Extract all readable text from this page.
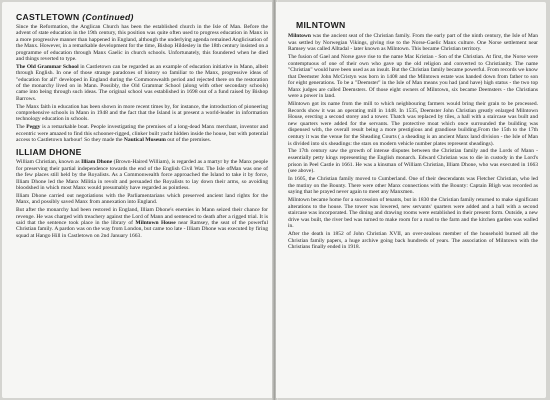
CASTLETOWN (Continued)

Since the Reformation, the Anglican Church has been the established church in the Isle of Man. Before the advent of state education in the 19th century, this position was quite often used to progress education in Manx in a more progressive manner than happened in England, although the underlying agenda remained Anglicisation of the Manx. However, in a remarkable development for the time, Bishop Hildesley in the 18th century insisted on a programme of education through Manx Gaelic in church schools. Unfortunately, this foundered when he died and things reverted to type.

The Old Grammar School in Castletown can be regarded as an example of education initiative in Mann, albeit through English. In one of those strange paradoxes of history so familiar to the Manx, progressive ideas of "education for all" developed in England during the Commonwealth period and rejected there on the restoration of the monarchy lived on in Mann. Possibly, the Old Grammar School (along with other secondary schools) came into being through such ideas. The original school was established in 1698 out of a fund raised by Bishop Barrows.

The Manx faith in education has been shown in more recent times by, for instance, the introduction of pioneering comprehensive schools in Mann in 1948 and the fact that the Island is at present a world-leader in information technology education in schools.

The Peggy is a remarkable boat. People investigating the premises of a long-dead Manx merchant, inventor and eccentric were amazed to find this schooner-rigged, clinker built yacht hidden inside the house, but with potential access to Castletown harbour! So they made the Nautical Museum out of the premises.

ILLIAM DHONE

William Christian, known as Illiam Dhone (Brown-Haired William), is regarded as a martyr by the Manx people for preserving their partial independence towards the end of the English Civil War. The Isle ofMan was one of the few places still held by the Royalists. As a Commonwealth force approached the Island to take it by force, Illiam Dhone led the Manx Militia in revolt and persuaded the Royalists to lay down their arms, so avoiding bloodshed in which most Manx would presumably have regarded as pointless.

Illiam Dhone carried out negotiations with the Parliamentarians which preserved ancient land rights for the Manx, and possibly saved Manx from annexation into England.

But after the monarchy had been restored in England, Illiam Dhone's enemies in Mann seized their chance for revenge. He was charged with treachery against the Lord of Mann and sentenced to death after a rigged trial. It is said that the sentence took place in the library of Milntown House near Ramsey, the seat of the powerful Christian family. A pardon was on the way from London, but came too late - Illiam Dhone was executed by firing squad at Hango Hill in Castletown on 2nd January 1663.

MILNTOWN

Milntown was the ancient seat of the Christian family. From the early part of the ninth century, the Isle of Man was settled by Norwegian Vikings, giving rise to the Norse-Gaelic Manx culture. One Norse settlement near Ramsey was called Alltadal - later known as Milntown. This became Christian territory.

The fusion of Gael and Norse gave rise to the name Mac Kristian - Son of the Christian. At first, the Norse were contemptuous of one of their own who gave up the old religion and converted to Christianity. The name "Christian" would have been used as an insult. But the Christian family became powerful. From records we know that Deemster John McCristyn was born in 1408 and the Milntown estate was handed down from father to son for eight generations. To be a "Deemster" in the Isle of Man means you had (and have) high status - the two top Manx judges are called Deemsters. Of those eight owners of Milntown, six became Deemsters - the Christians were a power in land.

Milntown got its name from the mill to which neighbouring farmers would bring their grain to be processed. Records show it was an operating mill in 1448. In 1535, Deemster John Christian greatly enlarged Milntown House, erecting a second storey and a tower. Thatch was replaced by tiles, a hall with a staircase was built and new quarters were added for the servants. The protective moat which once surrounded the building was dispensed with, the overall result being a more prestigious and grandiose building.From the 15th to the 17th century it was the venue for the Sheading Courts ( a sheading is an ancient Manx land division - the Isle of Man is divided into six sheadings: the stars on modern vehicle number plates represent sheadings).

The 17th century saw the growth of intense disputes between the Christian family and the Lords of Mann - essentially petty kings representing the English monarch. Edward Christian was to die in custody in the Lord's prison in Peel Castle in 1661. He was a kinsman of William Christian, Illiam Dhone, who was executed in 1663 (see above).

In 1605, the Christian family moved to Cumberland. One of their descendants was Fletcher Christian, who led the mutiny on the Bounty. There were other Manx connections with the Bounty: Captain Bligh was recorded as saying that he prayed never again to meet any Manxmen.

Milntown became home for a succession of tenants, but in 1830 the Christian family returned to make significant alterations to the house. The tower was lowered, new servants' quarters were added and a hall with a second staircase was incorporated. The dining and drawing rooms were established in their present form. Outside, a new drive was built, the river bed was turned to make room for a road to the farm and the kitchen garden was walled in.

After the death in 1852 of John Christian XVII, an over-zealous member of the household burned all the Christian family papers, a huge archive going back hundreds of years. The association of Milntown with the Christians finally ended in 1918.
